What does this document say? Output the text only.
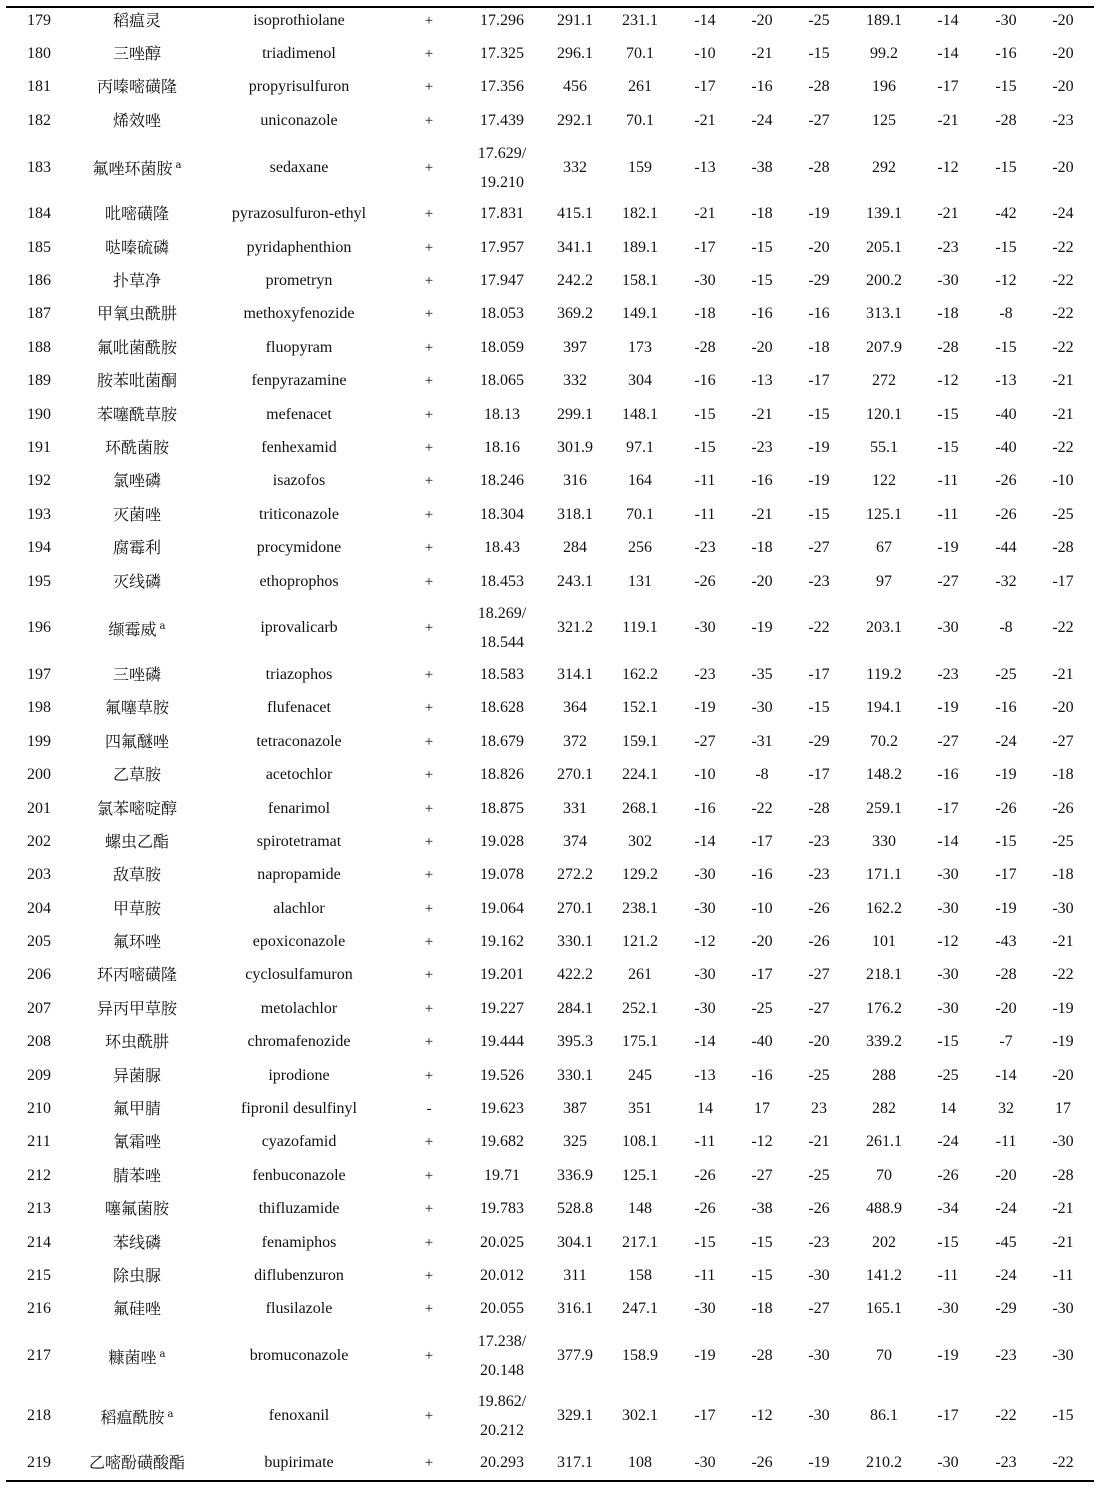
179	稻瘟灵	isoprothiolane	+	17.296	291.1	231.1	-14	-20	-25	189.1	-14	-30	-20
180	三唑醇	triadimenol	+	17.325	296.1	70.1	-10	-21	-15	99.2	-14	-16	-20
181	丙嗪嘧磺隆	propyrisulfuron	+	17.356	456	261	-17	-16	-28	196	-17	-15	-20
182	烯效唑	uniconazole	+	17.439	292.1	70.1	-21	-24	-27	125	-21	-28	-23
183	氟唑环菌胺 $^a$	sedaxane	+	17.629/
19.210	332	159	-13	-38	-28	292	-12	-15	-20
184	吡嘧磺隆	pyrazosulfuron-ethyl	+	17.831	415.1	182.1	-21	-18	-19	139.1	-21	-42	-24
185	哒嗪硫磷	pyridaphenthion	+	17.957	341.1	189.1	-17	-15	-20	205.1	-23	-15	-22
186	扑草净	prometryn	+	17.947	242.2	158.1	-30	-15	-29	200.2	-30	-12	-22
187	甲氧虫酰肼	methoxyfenozide	+	18.053	369.2	149.1	-18	-16	-16	313.1	-18	-8	-22
188	氟吡菌酰胺	fluopyram	+	18.059	397	173	-28	-20	-18	207.9	-28	-15	-22
189	胺苯吡菌酮	fenpyrazamine	+	18.065	332	304	-16	-13	-17	272	-12	-13	-21
190	苯噻酰草胺	mefenacet	+	18.13	299.1	148.1	-15	-21	-15	120.1	-15	-40	-21
191	环酰菌胺	fenhexamid	+	18.16	301.9	97.1	-15	-23	-19	55.1	-15	-40	-22
192	氯唑磷	isazofos	+	18.246	316	164	-11	-16	-19	122	-11	-26	-10
193	灭菌唑	triticonazole	+	18.304	318.1	70.1	-11	-21	-15	125.1	-11	-26	-25
194	腐霉利	procymidone	+	18.43	284	256	-23	-18	-27	67	-19	-44	-28
195	灭线磷	ethoprophos	+	18.453	243.1	131	-26	-20	-23	97	-27	-32	-17
196	缬霉威 $^a$	iprovalicarb	+	18.269/
18.544	321.2	119.1	-30	-19	-22	203.1	-30	-8	-22
197	三唑磷	triazophos	+	18.583	314.1	162.2	-23	-35	-17	119.2	-23	-25	-21
198	氟噻草胺	flufenacet	+	18.628	364	152.1	-19	-30	-15	194.1	-19	-16	-20
199	四氟醚唑	tetraconazole	+	18.679	372	159.1	-27	-31	-29	70.2	-27	-24	-27
200	乙草胺	acetochlor	+	18.826	270.1	224.1	-10	-8	-17	148.2	-16	-19	-18
201	氯苯嘧啶醇	fenarimol	+	18.875	331	268.1	-16	-22	-28	259.1	-17	-26	-26
202	螺虫乙酯	spirotetramat	+	19.028	374	302	-14	-17	-23	330	-14	-15	-25
203	敌草胺	napropamide	+	19.078	272.2	129.2	-30	-16	-23	171.1	-30	-17	-18
204	甲草胺	alachlor	+	19.064	270.1	238.1	-30	-10	-26	162.2	-30	-19	-30
205	氟环唑	epoxiconazole	+	19.162	330.1	121.2	-12	-20	-26	101	-12	-43	-21
206	环丙嘧磺隆	cyclosulfamuron	+	19.201	422.2	261	-30	-17	-27	218.1	-30	-28	-22
207	异丙甲草胺	metolachlor	+	19.227	284.1	252.1	-30	-25	-27	176.2	-30	-20	-19
208	环虫酰肼	chromafenozide	+	19.444	395.3	175.1	-14	-40	-20	339.2	-15	-7	-19
209	异菌脲	iprodione	+	19.526	330.1	245	-13	-16	-25	288	-25	-14	-20
210	氟甲腈	fipronil desulfinyl	-	19.623	387	351	14	17	23	282	14	32	17
211	氰霜唑	cyazofamid	+	19.682	325	108.1	-11	-12	-21	261.1	-24	-11	-30
212	腈苯唑	fenbuconazole	+	19.71	336.9	125.1	-26	-27	-25	70	-26	-20	-28
213	噻氟菌胺	thifluzamide	+	19.783	528.8	148	-26	-38	-26	488.9	-34	-24	-21
214	苯线磷	fenamiphos	+	20.025	304.1	217.1	-15	-15	-23	202	-15	-45	-21
215	除虫脲	diflubenzuron	+	20.012	311	158	-11	-15	-30	141.2	-11	-24	-11
216	氟硅唑	flusilazole	+	20.055	316.1	247.1	-30	-18	-27	165.1	-30	-29	-30
217	糠菌唑 $^a$	bromuconazole	+	17.238/
20.148	377.9	158.9	-19	-28	-30	70	-19	-23	-30
218	稻瘟酰胺 $^a$	fenoxanil	+	19.862/
20.212	329.1	302.1	-17	-12	-30	86.1	-17	-22	-15
219	乙嘧酚磺酸酯	bupirimate	+	20.293	317.1	108	-30	-26	-19	210.2	-30	-23	-22
